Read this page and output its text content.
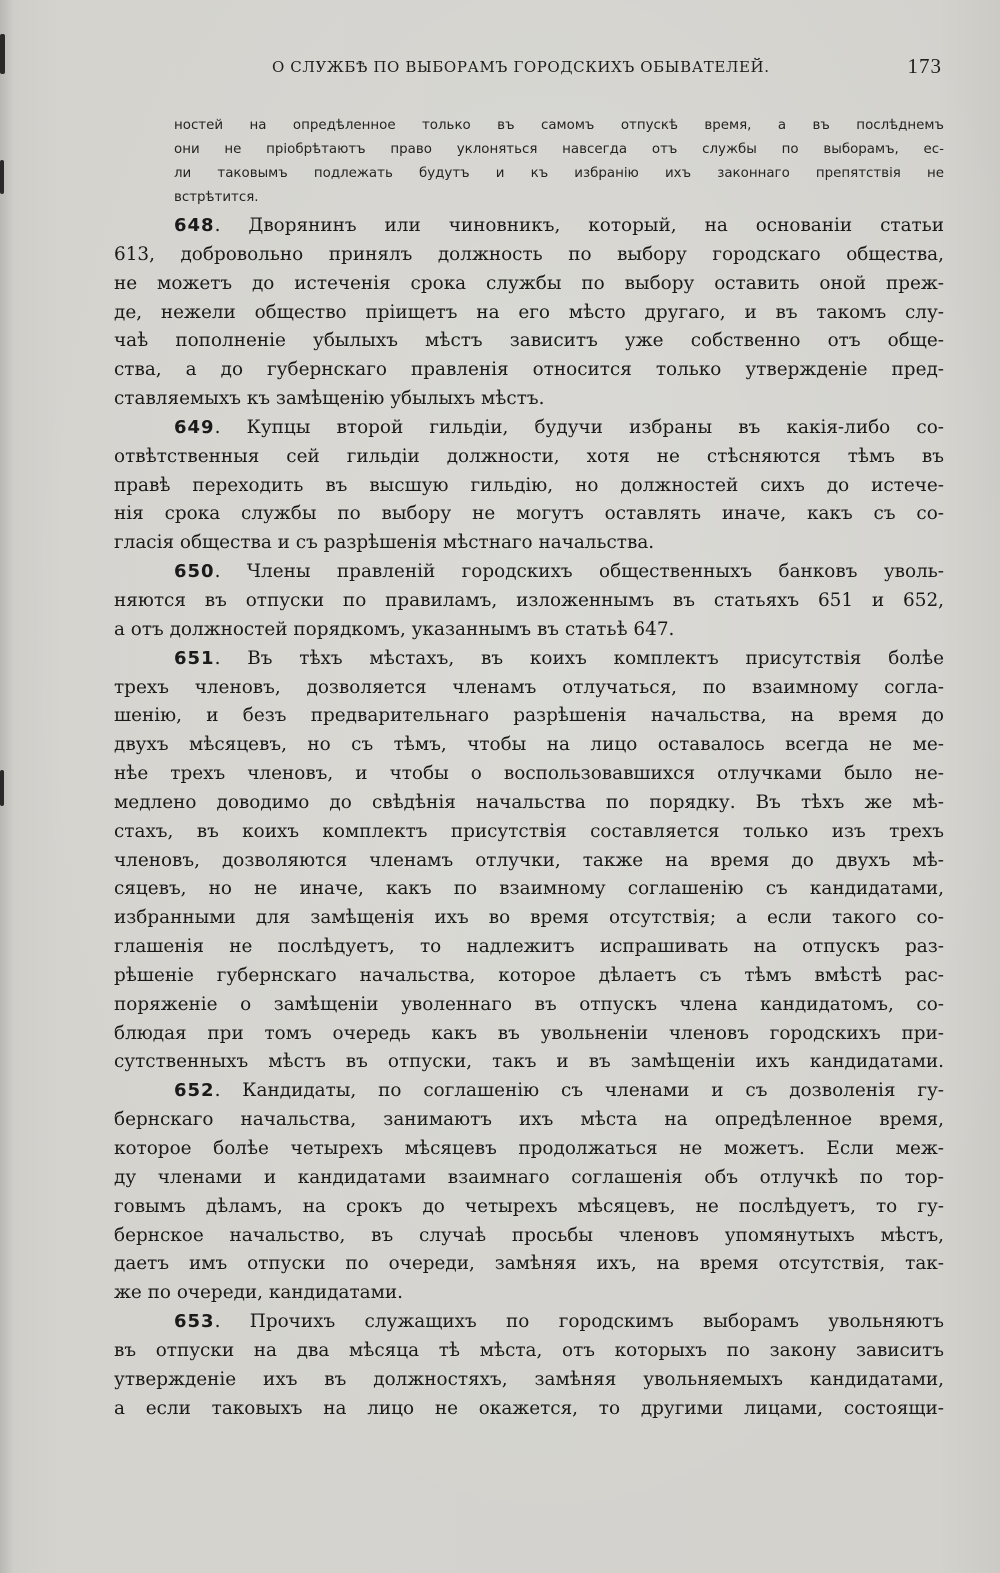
О СЛУЖБѢ ПО ВЫБОРАМЪ ГОРОДСКИХЪ ОБЫВАТЕЛЕЙ.	173
ностей на опредѣленное только въ самомъ отпускѣ время, а въ послѣднемъ
они не пріобрѣтаютъ право уклоняться навсегда отъ службы по выборамъ, ес-
ли таковымъ подлежать будутъ и къ избранію ихъ законнаго препятствія не
встрѣтится.
648. Дворянинъ или чиновникъ, который, на основаніи статьи
613, добровольно принялъ должность по выбору городскаго общества,
не можетъ до истеченія срока службы по выбору оставить оной преж-
де, нежели общество пріищетъ на его мѣсто другаго, и въ такомъ слу-
чаѣ пополненіе убылыхъ мѣстъ зависитъ уже собственно отъ обще-
ства, а до губернскаго правленія относится только утвержденіе пред-
ставляемыхъ къ замѣщенію убылыхъ мѣстъ.
649. Купцы второй гильдіи, будучи избраны въ какія-либо со-
отвѣтственныя сей гильдіи должности, хотя не стѣсняются тѣмъ въ
правѣ переходить въ высшую гильдію, но должностей сихъ до истече-
нія срока службы по выбору не могутъ оставлять иначе, какъ съ со-
гласія общества и съ разрѣшенія мѣстнаго начальства.
650. Члены правленій городскихъ общественныхъ банковъ уволь-
няются въ отпуски по правиламъ, изложеннымъ въ статьяхъ 651 и 652,
а отъ должностей порядкомъ, указаннымъ въ статьѣ 647.
651. Въ тѣхъ мѣстахъ, въ коихъ комплектъ присутствія болѣе
трехъ членовъ, дозволяется членамъ отлучаться, по взаимному согла-
шенію, и безъ предварительнаго разрѣшенія начальства, на время до
двухъ мѣсяцевъ, но съ тѣмъ, чтобы на лицо оставалось всегда не ме-
нѣе трехъ членовъ, и чтобы о воспользовавшихся отлучками было не-
медлено доводимо до свѣдѣнія начальства по порядку. Въ тѣхъ же мѣ-
стахъ, въ коихъ комплектъ присутствія составляется только изъ трехъ
членовъ, дозволяются членамъ отлучки, также на время до двухъ мѣ-
сяцевъ, но не иначе, какъ по взаимному соглашенію съ кандидатами,
избранными для замѣщенія ихъ во время отсутствія; а если такого со-
глашенія не послѣдуетъ, то надлежитъ испрашивать на отпускъ раз-
рѣшеніе губернскаго начальства, которое дѣлаетъ съ тѣмъ вмѣстѣ рас-
поряженіе о замѣщеніи уволеннаго въ отпускъ члена кандидатомъ, со-
блюдая при томъ очередь какъ въ увольненіи членовъ городскихъ при-
сутственныхъ мѣстъ въ отпуски, такъ и въ замѣщеніи ихъ кандидатами.
652. Кандидаты, по соглашенію съ членами и съ дозволенія гу-
бернскаго начальства, занимаютъ ихъ мѣста на опредѣленное время,
которое болѣе четырехъ мѣсяцевъ продолжаться не можетъ. Если меж-
ду членами и кандидатами взаимнаго соглашенія объ отлучкѣ по тор-
говымъ дѣламъ, на срокъ до четырехъ мѣсяцевъ, не послѣдуетъ, то гу-
бернское начальство, въ случаѣ просьбы членовъ упомянутыхъ мѣстъ,
даетъ имъ отпуски по очереди, замѣняя ихъ, на время отсутствія, так-
же по очереди, кандидатами.
653. Прочихъ служащихъ по городскимъ выборамъ увольняютъ
въ отпуски на два мѣсяца тѣ мѣста, отъ которыхъ по закону зависитъ
утвержденіе ихъ въ должностяхъ, замѣняя увольняемыхъ кандидатами,
а если таковыхъ на лицо не окажется, то другими лицами, состоящи-
